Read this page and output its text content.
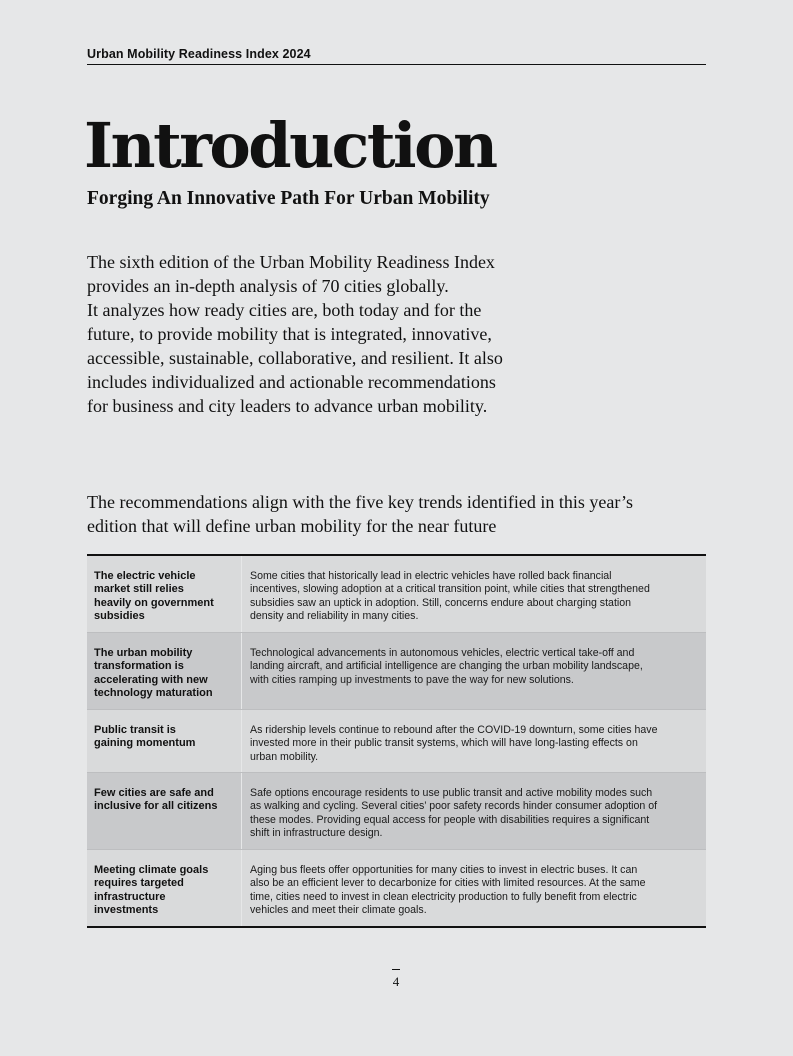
Urban Mobility Readiness Index 2024
Introduction
Forging An Innovative Path For Urban Mobility

The sixth edition of the Urban Mobility Readiness Index
provides an in-depth analysis of 70 cities globally.
It analyzes how ready cities are, both today and for the
future, to provide mobility that is integrated, innovative,
accessible, sustainable, collaborative, and resilient. It also
includes individualized and actionable recommendations
for business and city leaders to advance urban mobility.

The recommendations align with the five key trends identified in this year’s
edition that will define urban mobility for the near future

The electric vehicle
market still relies
heavily on government
subsidies
Some cities that historically lead in electric vehicles have rolled back financial
incentives, slowing adoption at a critical transition point, while cities that strengthened
subsidies saw an uptick in adoption. Still, concerns endure about charging station
density and reliability in many cities.
The urban mobility
transformation is
accelerating with new
technology maturation
Technological advancements in autonomous vehicles, electric vertical take-off and
landing aircraft, and artificial intelligence are changing the urban mobility landscape,
with cities ramping up investments to pave the way for new solutions.
Public transit is
gaining momentum
As ridership levels continue to rebound after the COVID-19 downturn, some cities have
invested more in their public transit systems, which will have long-lasting effects on
urban mobility.
Few cities are safe and
inclusive for all citizens
Safe options encourage residents to use public transit and active mobility modes such
as walking and cycling. Several cities’ poor safety records hinder consumer adoption of
these modes. Providing equal access for people with disabilities requires a significant
shift in infrastructure design.
Meeting climate goals
requires targeted
infrastructure
investments
Aging bus fleets offer opportunities for many cities to invest in electric buses. It can
also be an efficient lever to decarbonize for cities with limited resources. At the same
time, cities need to invest in clean electricity production to fully benefit from electric
vehicles and meet their climate goals.
4
